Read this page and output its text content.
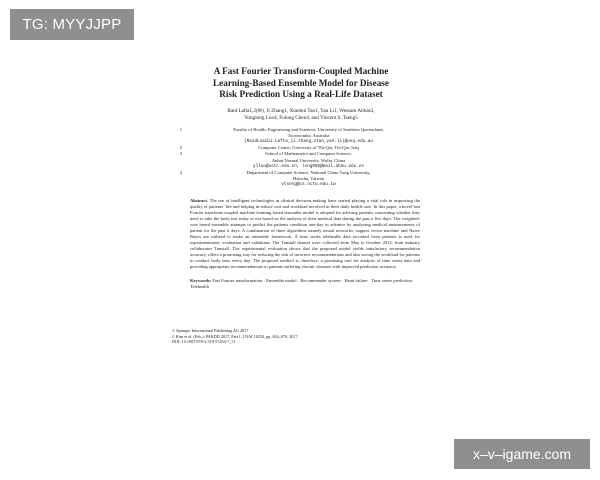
TG: MYYJJPP
x–v–igame.com
A Fast Fourier Transform-Coupled Machine
Learning-Based Ensemble Model for Disease
Risk Prediction Using a Real-Life Dataset
Raid Lafta1,2(✉), Ji Zhang1, Xiaohui Tao1, Yan Li1, Wessam Abbas3,
Yonglong Luo4, Fulong Chen4, and Vincent S. Tseng5
1	Faculty of Health, Engineering and Sciences, University of Southern Queensland,
Toowoomba, Australia
{RaidLnaibi.Lafta,ji.zhang,xtao,yan.li}@usq.edu.au
2	Computer Center, University of Thi-Qar, Thi-Qar, Iraq
3	School of Mathematics and Computer Science,
Anhui Normal University, Wuhu, China
ylluo@ustc.edu.cn, long005@mail.ahnu.edu.cn
4	Department of Computer Science, National Chiao Tung University,
Hsinchu, Taiwan
vtseng@cs.nctu.edu.tw
Abstract. The use of intelligent technologies in clinical decision making have started playing a vital role in improving the quality of patients’ life and helping in reduce cost and workload involved in their daily health-care. In this paper, a novel fast Fourier transform-coupled machine learning based ensemble model is adopted for advising patients concerning whether they need to take the body test today or not based on the analysis of their medical data during the past a few days. The weighted-vote based ensemble attempts to predict the patients condition one-day in advance by analyzing medical measurements of patient for the past k days. A combination of three algorithms namely neural networks, support vector machine and Naive Bayes are utilized to make an ensemble framework. A time series telehealth data recorded from patients is used for experimentation, evaluation and validation. The Tunstall dataset were collected from May to October 2012, from industry collaborator Tunstall. The experimental evaluation shows that the proposed model yields satisfactory recommendation accuracy, offers a promising way for reducing the risk of incorrect recommendations and also saving the workload for patients to conduct body tests every day. The proposed method is, therefore, a promising tool for analysis of time series data and providing appropriate recommendations to patients suffering chronic diseases with improved prediction accuracy.
Keywords: Fast Fourier transformation · Ensemble model · Recommender system · Heart failure · Time series prediction · Telehealth
© Springer International Publishing AG 2017
J. Kim et al. (Eds.): PAKDD 2017, Part I, LNAI 10234, pp. 654–670, 2017.
DOI: 10.1007/978-3-319-57454-7_51
